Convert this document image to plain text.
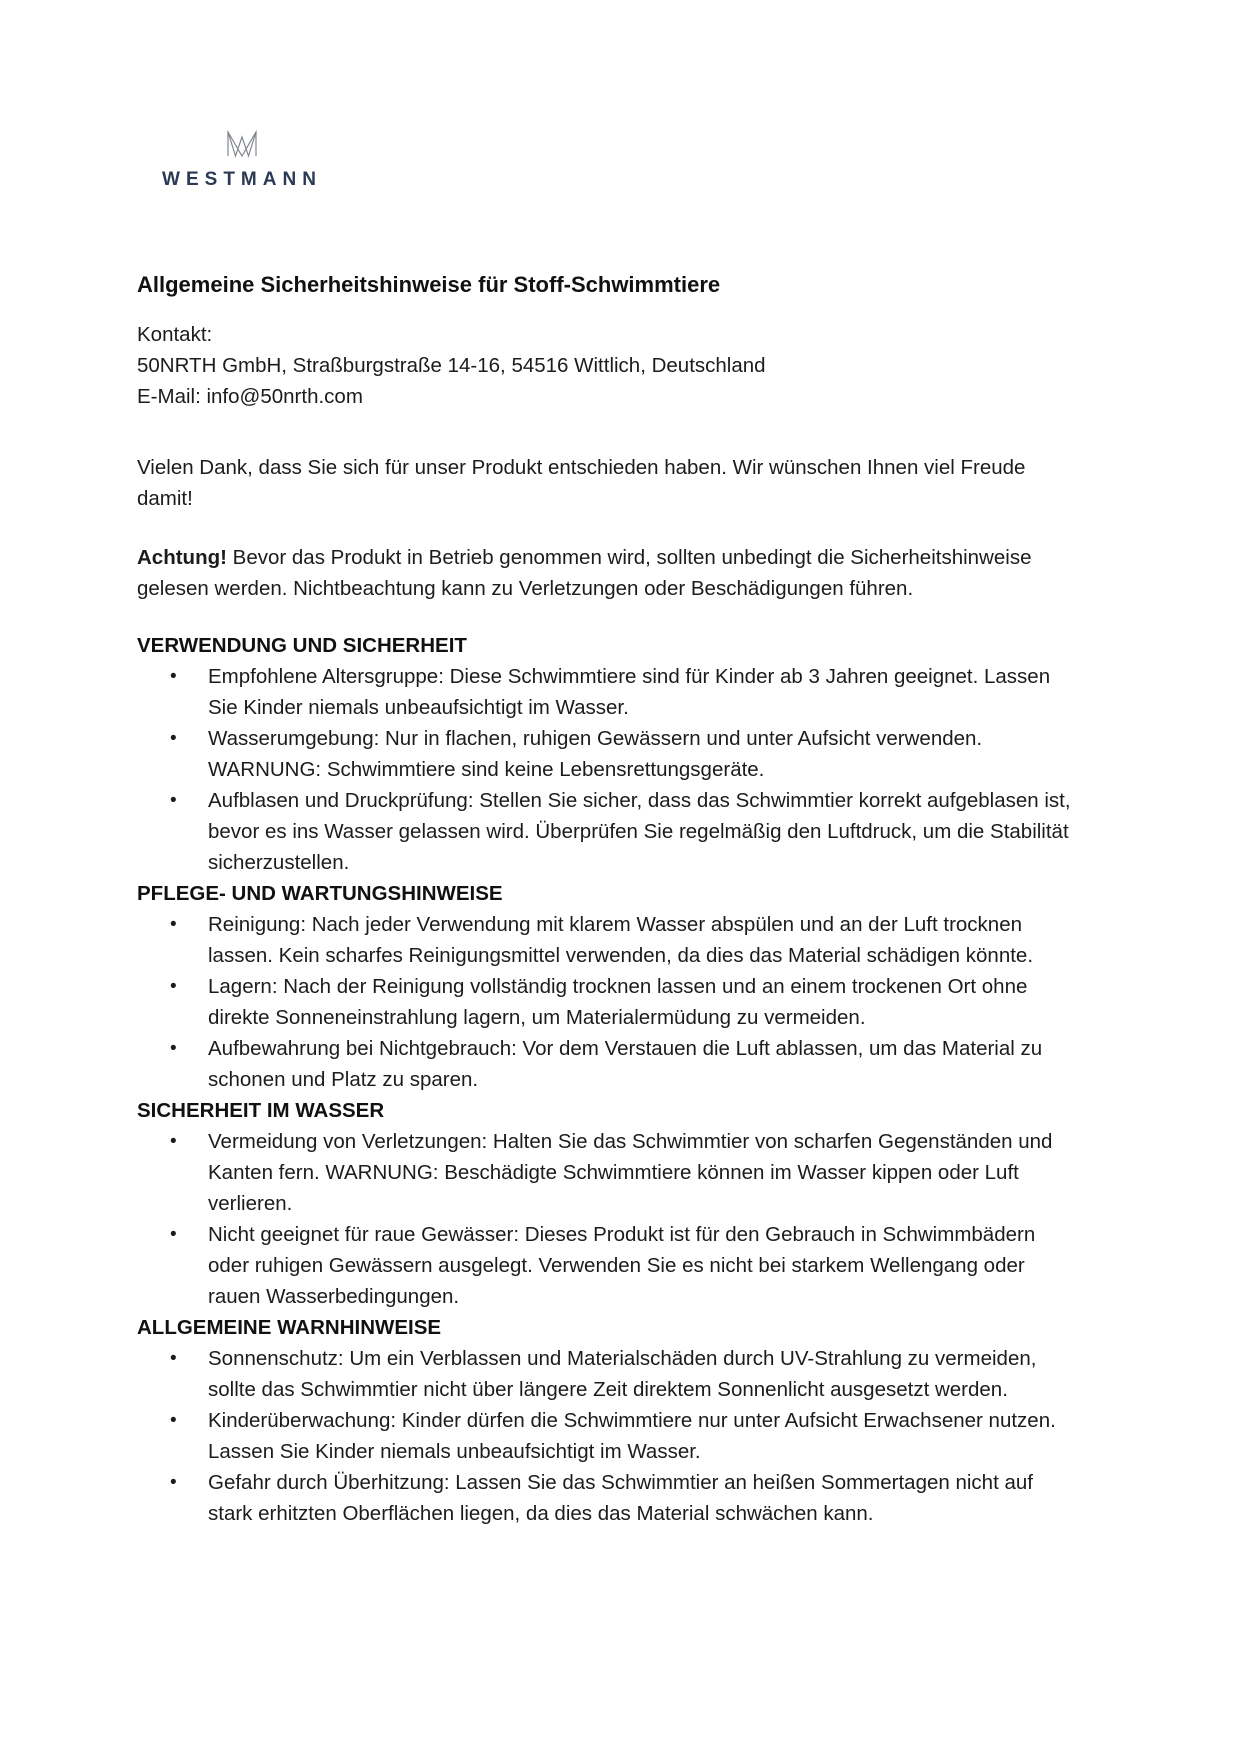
WESTMANN
Allgemeine Sicherheitshinweise für Stoff-Schwimmtiere
Kontakt:
50NRTH GmbH, Straßburgstraße 14-16, 54516 Wittlich, Deutschland
E-Mail: info@50nrth.com

Vielen Dank, dass Sie sich für unser Produkt entschieden haben. Wir wünschen Ihnen viel Freude damit!

Achtung! Bevor das Produkt in Betrieb genommen wird, sollten unbedingt die Sicherheitshinweise gelesen werden. Nichtbeachtung kann zu Verletzungen oder Beschädigungen führen.

VERWENDUNG UND SICHERHEIT
• Empfohlene Altersgruppe: Diese Schwimmtiere sind für Kinder ab 3 Jahren geeignet. Lassen Sie Kinder niemals unbeaufsichtigt im Wasser.
• Wasserumgebung: Nur in flachen, ruhigen Gewässern und unter Aufsicht verwenden. WARNUNG: Schwimmtiere sind keine Lebensrettungsgeräte.
• Aufblasen und Druckprüfung: Stellen Sie sicher, dass das Schwimmtier korrekt aufgeblasen ist, bevor es ins Wasser gelassen wird. Überprüfen Sie regelmäßig den Luftdruck, um die Stabilität sicherzustellen.
PFLEGE- UND WARTUNGSHINWEISE
• Reinigung: Nach jeder Verwendung mit klarem Wasser abspülen und an der Luft trocknen lassen. Kein scharfes Reinigungsmittel verwenden, da dies das Material schädigen könnte.
• Lagern: Nach der Reinigung vollständig trocknen lassen und an einem trockenen Ort ohne direkte Sonneneinstrahlung lagern, um Materialermüdung zu vermeiden.
• Aufbewahrung bei Nichtgebrauch: Vor dem Verstauen die Luft ablassen, um das Material zu schonen und Platz zu sparen.
SICHERHEIT IM WASSER
• Vermeidung von Verletzungen: Halten Sie das Schwimmtier von scharfen Gegenständen und Kanten fern. WARNUNG: Beschädigte Schwimmtiere können im Wasser kippen oder Luft verlieren.
• Nicht geeignet für raue Gewässer: Dieses Produkt ist für den Gebrauch in Schwimmbädern oder ruhigen Gewässern ausgelegt. Verwenden Sie es nicht bei starkem Wellengang oder rauen Wasserbedingungen.
ALLGEMEINE WARNHINWEISE
• Sonnenschutz: Um ein Verblassen und Materialschäden durch UV-Strahlung zu vermeiden, sollte das Schwimmtier nicht über längere Zeit direktem Sonnenlicht ausgesetzt werden.
• Kinderüberwachung: Kinder dürfen die Schwimmtiere nur unter Aufsicht Erwachsener nutzen. Lassen Sie Kinder niemals unbeaufsichtigt im Wasser.
• Gefahr durch Überhitzung: Lassen Sie das Schwimmtier an heißen Sommertagen nicht auf stark erhitzten Oberflächen liegen, da dies das Material schwächen kann.
